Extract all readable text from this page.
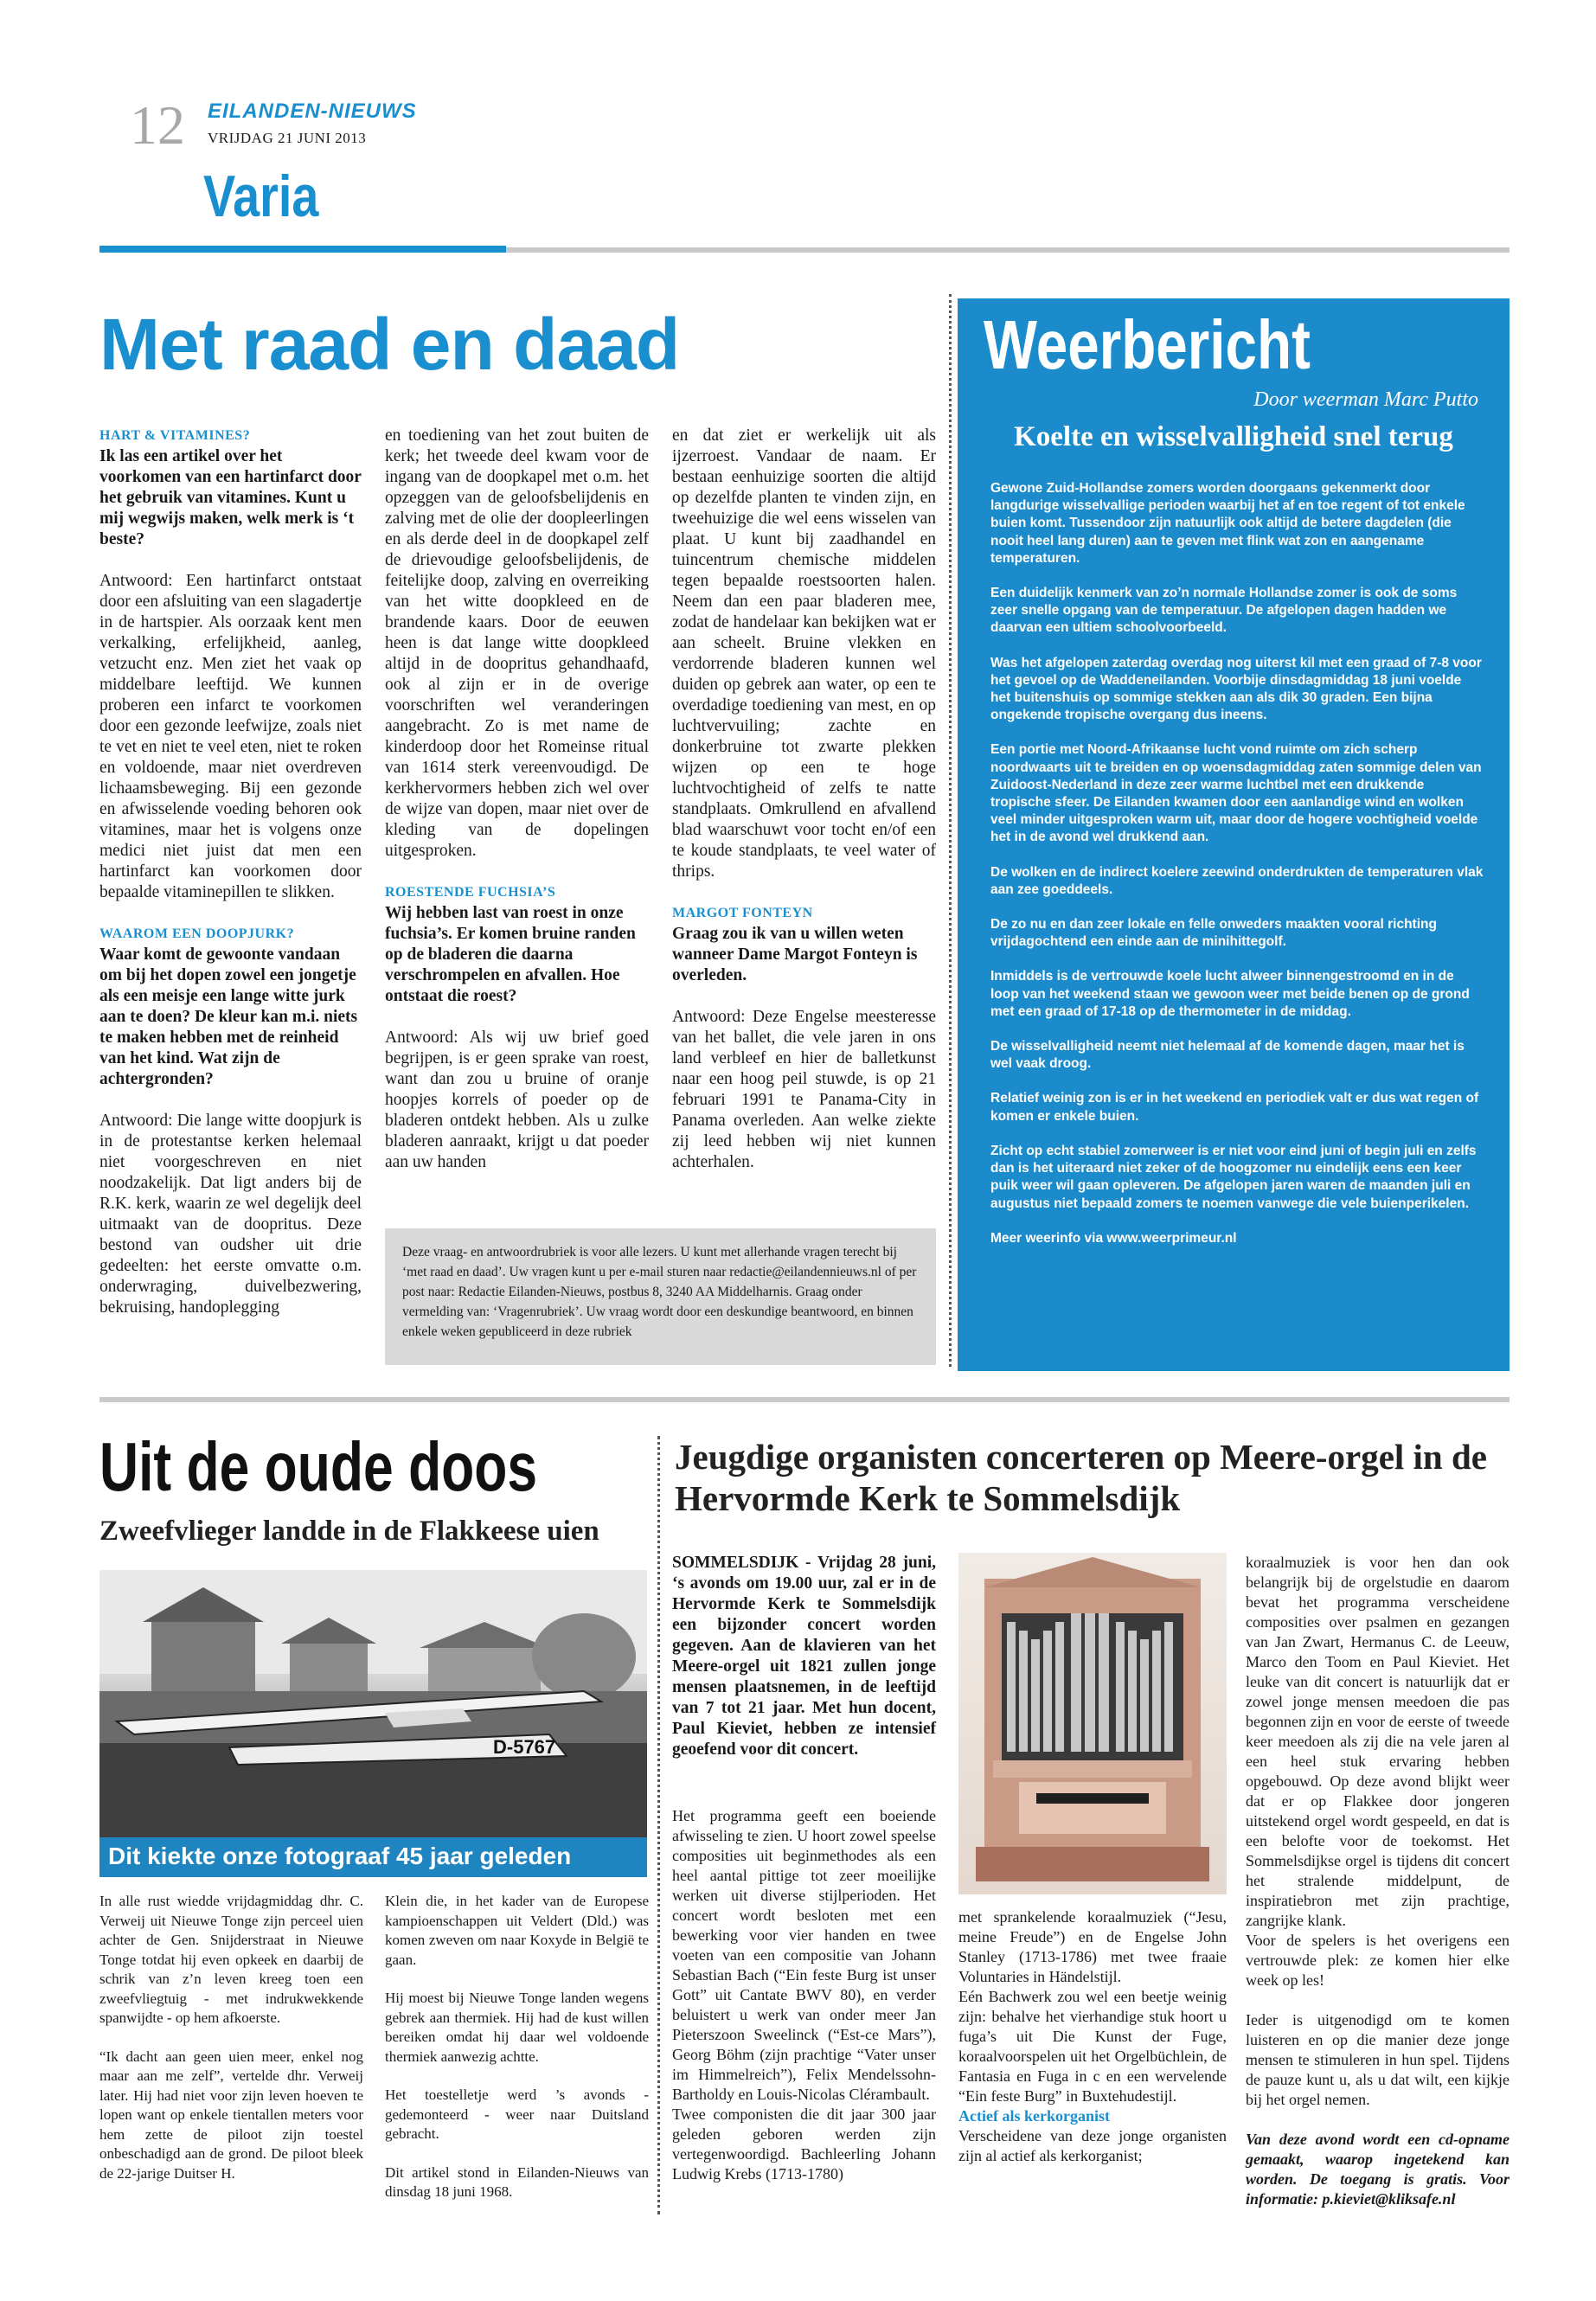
12 EILANDEN-NIEUWS
VRIJDAG 21 JUNI 2013
Varia
Met raad en daad

HART & VITAMINES?

Ik las een artikel over het voorkomen van een hartinfarct door het gebruik van vitamines. Kunt u mij wegwijs maken, welk merk is ‘t beste?

Antwoord: Een hartinfarct ontstaat door een afsluiting van een slagadertje in de hartspier. Als oorzaak kent men verkalking, erfelijkheid, aanleg, vetzucht enz. Men ziet het vaak op middelbare leeftijd. We kunnen proberen een infarct te voorkomen door een gezonde leefwijze, zoals niet te vet en niet te veel eten, niet te roken en voldoende, maar niet overdreven lichaamsbeweging. Bij een gezonde en afwisselende voeding behoren ook vitamines, maar het is volgens onze medici niet juist dat men een hartinfarct kan voorkomen door bepaalde vitaminepillen te slikken.

WAAROM EEN DOOPJURK?

Waar komt de gewoonte vandaan om bij het dopen zowel een jongetje als een meisje een lange witte jurk aan te doen? De kleur kan m.i. niets te maken hebben met de reinheid van het kind. Wat zijn de achtergronden?

Antwoord: Die lange witte doopjurk is in de protestantse kerken helemaal niet voorgeschreven en niet noodzakelijk. Dat ligt anders bij de R.K. kerk, waarin ze wel degelijk deel uitmaakt van de doopritus. Deze bestond van oudsher uit drie gedeelten: het eerste omvatte o.m. onderwraging, duivelbezwering, bekruising, handoplegging

en toediening van het zout buiten de kerk; het tweede deel kwam voor de ingang van de doopkapel met o.m. het opzeggen van de geloofsbelijdenis en zalving met de olie der doopleerlingen en als derde deel in de doopkapel zelf de drievoudige geloofsbelijdenis, de feitelijke doop, zalving en overreiking van het witte doopkleed en de brandende kaars. Door de eeuwen heen is dat lange witte doopkleed altijd in de doopritus gehandhaafd, ook al zijn er in de overige voorschriften wel veranderingen aangebracht. Zo is met name de kinderdoop door het Romeinse ritual van 1614 sterk vereenvoudigd. De kerkhervormers hebben zich wel over de wijze van dopen, maar niet over de kleding van de dopelingen uitgesproken.

ROESTENDE FUCHSIA’S

Wij hebben last van roest in onze fuchsia’s. Er komen bruine randen op de bladeren die daarna verschrompelen en afvallen. Hoe ontstaat die roest?

Antwoord: Als wij uw brief goed begrijpen, is er geen sprake van roest, want dan zou u bruine of oranje hoopjes korrels of poeder op de bladeren ontdekt hebben. Als u zulke bladeren aanraakt, krijgt u dat poeder aan uw handen

en dat ziet er werkelijk uit als ijzerroest. Vandaar de naam. Er bestaan eenhuizige soorten die altijd op dezelfde planten te vinden zijn, en tweehuizige die wel eens wisselen van plaat. U kunt bij zaadhandel en tuincentrum chemische middelen tegen bepaalde roestsoorten halen. Neem dan een paar bladeren mee, zodat de handelaar kan bekijken wat er aan scheelt. Bruine vlekken en verdorrende bladeren kunnen wel duiden op gebrek aan water, op een te overdadige toediening van mest, en op luchtvervuiling; zachte en donkerbruine tot zwarte plekken wijzen op een te hoge luchtvochtigheid of zelfs te natte standplaats. Omkrullend en afvallend blad waarschuwt voor tocht en/of een te koude standplaats, te veel water of thrips.

MARGOT FONTEYN

Graag zou ik van u willen weten wanneer Dame Margot Fonteyn is overleden.

Antwoord: Deze Engelse meesteresse van het ballet, die vele jaren in ons land verbleef en hier de balletkunst naar een hoog peil stuwde, is op 21 februari 1991 te Panama-City in Panama overleden. Aan welke ziekte zij leed hebben wij niet kunnen achterhalen.

Deze vraag- en antwoordrubriek is voor alle lezers. U kunt met allerhande vragen terecht bij ‘met raad en daad’. Uw vragen kunt u per e-mail sturen naar redactie@eilandennieuws.nl of per post naar: Redactie Eilanden-Nieuws, postbus 8, 3240 AA Middelharnis. Graag onder vermelding van: ‘Vragenrubriek’. Uw vraag wordt door een deskundige beantwoord, en binnen enkele weken gepubliceerd in deze rubriek
Weerbericht
Door weerman Marc Putto
Koelte en wisselvalligheid snel terug

Gewone Zuid-Hollandse zomers worden doorgaans gekenmerkt door langdurige wisselvallige perioden waarbij het af en toe regent of tot enkele buien komt. Tussendoor zijn natuurlijk ook altijd de betere dagdelen (die nooit heel lang duren) aan te geven met flink wat zon en aangename temperaturen.

Een duidelijk kenmerk van zo’n normale Hollandse zomer is ook de soms zeer snelle opgang van de temperatuur. De afgelopen dagen hadden we daarvan een ultiem schoolvoorbeeld.

Was het afgelopen zaterdag overdag nog uiterst kil met een graad of 7-8 voor het gevoel op de Waddeneilanden. Voorbije dinsdagmiddag 18 juni voelde het buitenshuis op sommige stekken aan als dik 30 graden. Een bijna ongekende tropische overgang dus ineens.

Een portie met Noord-Afrikaanse lucht vond ruimte om zich scherp noordwaarts uit te breiden en op woensdagmiddag zaten sommige delen van Zuidoost-Nederland in deze zeer warme luchtbel met een drukkende tropische sfeer. De Eilanden kwamen door een aanlandige wind en wolken veel minder uitgesproken warm uit, maar door de hogere vochtigheid voelde het in de avond wel drukkend aan.

De wolken en de indirect koelere zeewind onderdrukten de temperaturen vlak aan zee goeddeels.

De zo nu en dan zeer lokale en felle onweders maakten vooral richting vrijdagochtend een einde aan de minihittegolf.

Inmiddels is de vertrouwde koele lucht alweer binnengestroomd en in de loop van het weekend staan we gewoon weer met beide benen op de grond met een graad of 17-18 op de thermometer in de middag.

De wisselvalligheid neemt niet helemaal af de komende dagen, maar het is wel vaak droog.

Relatief weinig zon is er in het weekend en periodiek valt er dus wat regen of komen er enkele buien.

Zicht op echt stabiel zomerweer is er niet voor eind juni of begin juli en zelfs dan is het uiteraard niet zeker of de hoogzomer nu eindelijk eens een keer puik weer wil gaan opleveren. De afgelopen jaren waren de maanden juli en augustus niet bepaald zomers te noemen vanwege die vele buienperikelen.

Meer weerinfo via www.weerprimeur.nl

Uit de oude doos
Zweefvlieger landde in de Flakkeese uien
D-5767
Dit kiekte onze fotograaf 45 jaar geleden

In alle rust wiedde vrijdagmiddag dhr. C. Verweij uit Nieuwe Tonge zijn perceel uien achter de Gen. Snijderstraat in Nieuwe Tonge totdat hij even opkeek en daarbij de schrik van z’n leven kreeg toen een zweefvliegtuig - met indrukwekkende spanwijdte - op hem afkoerste.

“Ik dacht aan geen uien meer, enkel nog maar aan me zelf”, vertelde dhr. Verweij later. Hij had niet voor zijn leven hoeven te lopen want op enkele tientallen meters voor hem zette de piloot zijn toestel onbeschadigd aan de grond. De piloot bleek de 22-jarige Duitser H.

Klein die, in het kader van de Europese kampioenschappen uit Veldert (Dld.) was komen zweven om naar Koxyde in België te gaan.

Hij moest bij Nieuwe Tonge landen wegens gebrek aan thermiek. Hij had de kust willen bereiken omdat hij daar wel voldoende thermiek aanwezig achtte.

Het toestelletje werd ’s avonds - gedemonteerd - weer naar Duitsland gebracht.

Dit artikel stond in Eilanden-Nieuws van dinsdag 18 juni 1968.

Jeugdige organisten concerteren op Meere-orgel in de Hervormde Kerk te Sommelsdijk
SOMMELSDIJK - Vrijdag 28 juni, ‘s avonds om 19.00 uur, zal er in de Hervormde Kerk te Sommelsdijk een bijzonder concert worden gegeven. Aan de klavieren van het Meere-orgel uit 1821 zullen jonge mensen plaatsnemen, in de leeftijd van 7 tot 21 jaar. Met hun docent, Paul Kieviet, hebben ze intensief geoefend voor dit concert.

Het programma geeft een boeiende afwisseling te zien. U hoort zowel speelse composities uit beginmethodes als een heel aantal pittige tot zeer moeilijke werken uit diverse stijlperioden. Het concert wordt besloten met een bewerking voor vier handen en twee voeten van een compositie van Johann Sebastian Bach (“Ein feste Burg ist unser Gott” uit Cantate BWV 80), en verder beluistert u werk van onder meer Jan Pieterszoon Sweelinck (“Est-ce Mars”), Georg Böhm (zijn prachtige “Vater unser im Himmelreich”), Felix Mendelssohn-Bartholdy en Louis-Nicolas Clérambault.

Twee componisten die dit jaar 300 jaar geleden geboren werden zijn vertegenwoordigd. Bachleerling Johann Ludwig Krebs (1713-1780)

met sprankelende koraalmuziek (“Jesu, meine Freude”) en de Engelse John Stanley (1713-1786) met twee fraaie Voluntaries in Händelstijl.

Eén Bachwerk zou wel een beetje weinig zijn: behalve het vierhandige stuk hoort u fuga’s uit Die Kunst der Fuge, koraalvoorspelen uit het Orgelbüchlein, de Fantasia en Fuga in c en een wervelende “Ein feste Burg” in Buxtehudestijl.

Actief als kerkorganist

Verscheidene van deze jonge organisten zijn al actief als kerkorganist;

koraalmuziek is voor hen dan ook belangrijk bij de orgelstudie en daarom bevat het programma verscheidene composities over psalmen en gezangen van Jan Zwart, Hermanus C. de Leeuw, Marco den Toom en Paul Kieviet. Het leuke van dit concert is natuurlijk dat er zowel jonge mensen meedoen die pas begonnen zijn en voor de eerste of tweede keer meedoen als zij die na vele jaren al een heel stuk ervaring hebben opgebouwd. Op deze avond blijkt weer dat er op Flakkee door jongeren uitstekend orgel wordt gespeeld, en dat is een belofte voor de toekomst. Het Sommelsdijkse orgel is tijdens dit concert het stralende middelpunt, de inspiratiebron met zijn prachtige, zangrijke klank.

Voor de spelers is het overigens een vertrouwde plek: ze komen hier elke week op les!

Ieder is uitgenodigd om te komen luisteren en op die manier deze jonge mensen te stimuleren in hun spel. Tijdens de pauze kunt u, als u dat wilt, een kijkje bij het orgel nemen.

Van deze avond wordt een cd-opname gemaakt, waarop ingetekend kan worden. De toegang is gratis. Voor informatie: p.kieviet@kliksafe.nl
